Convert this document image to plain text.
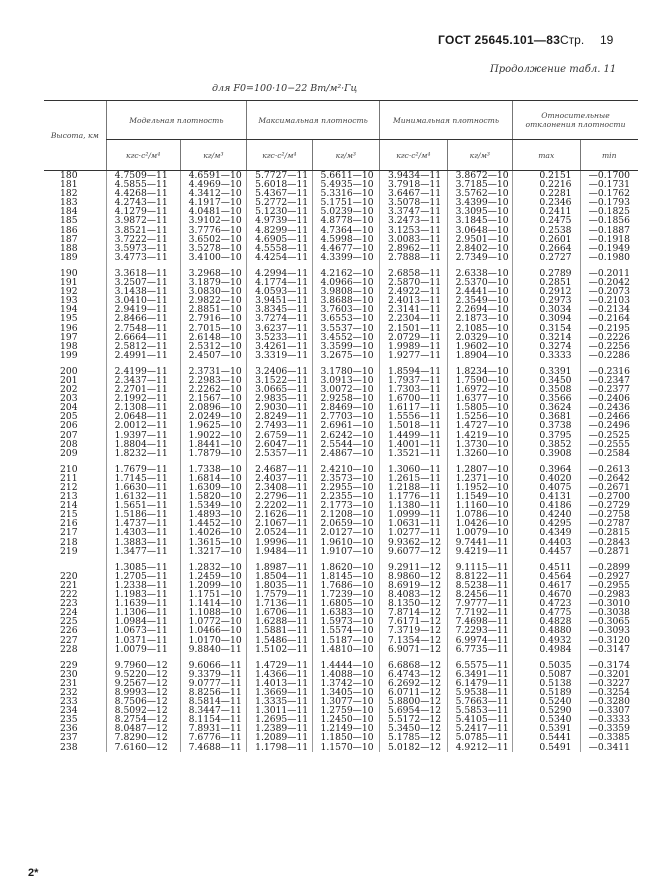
ГОСТ 25645.101—83 Стр. 19
Продолжение табл. 11
для F0=100·10−22 Вт/м²·Гц
Высота, км	Модельная плотность		Максимальная плотность		Минимальная плотность		Относительные отклонения плотности	
	кгс·с²/м⁴	кг/м³	кгс·с²/м⁴	кг/м³	кгс·с²/м⁴	кг/м³	max	min
180	4.7509—11	4.6591—10	5.7727—11	5.6611—10	3.9434—11	3.8672—10	0.2151	—0.1700
181	4.5855—11	4.4969—10	5.6018—11	5.4935—10	3.7918—11	3.7185—10	0.2216	—0.1731
182	4.4268—11	4.3412—10	5.4367—11	5.3316—10	3.6467—11	3.5762—10	0.2281	—0.1762
183	4.2743—11	4.1917—10	5.2772—11	5.1751—10	3.5078—11	3.4399—10	0.2346	—0.1793
184	4.1279—11	4.0481—10	5.1230—11	5.0239—10	3.3747—11	3.3095—10	0.2411	—0.1825
185	3.9872—11	3.9102—10	4.9739—11	4.8778—10	3.2473—11	3.1845—10	0.2475	—0.1856
186	3.8521—11	3.7776—10	4.8299—11	4.7364—10	3.1253—11	3.0648—10	0.2538	—0.1887
187	3.7222—11	3.6502—10	4.6905—11	4.5998—10	3.0083—11	2.9501—10	0.2601	—0.1918
188	3.5973—11	3.5278—10	4.5558—11	4.4677—10	2.8962—11	2.8402—10	0.2664	—0.1949
189	3.4773—11	3.4100—10	4.4254—11	4.3399—10	2.7888—11	2.7349—10	0.2727	—0.1980

190	3.3618—11	3.2968—10	4.2994—11	4.2162—10	2.6858—11	2.6338—10	0.2789	—0.2011
191	3.2507—11	3.1879—10	4.1774—11	4.0966—10	2.5870—11	2.5370—10	0.2851	—0.2042
192	3.1438—11	3.0830—10	4.0593—11	3.9808—10	2.4922—11	2.4441—10	0.2912	—0.2073
193	3.0410—11	2.9822—10	3.9451—11	3.8688—10	2.4013—11	2.3549—10	0.2973	—0.2103
194	2.9419—11	2.8851—10	3.8345—11	3.7603—10	2.3141—11	2.2694—10	0.3034	—0.2134
195	2.8466—11	2.7916—10	3.7274—11	3.6553—10	2.2304—11	2.1873—10	0.3094	—0.2164
196	2.7548—11	2.7015—10	3.6237—11	3.5537—10	2.1501—11	2.1085—10	0.3154	—0.2195
197	2.6664—11	2.6148—10	3.5233—11	3.4552—10	2.0729—11	2.0329—10	0.3214	—0.2226
198	2.5812—11	2.5312—10	3.4261—11	3.3599—10	1.9989—11	1.9602—10	0.3274	—0.2256
199	2.4991—11	2.4507—10	3.3319—11	3.2675—10	1.9277—11	1.8904—10	0.3333	—0.2286

200	2.4199—11	2.3731—10	3.2406—11	3.1780—10	1.8594—11	1.8234—10	0.3391	—0.2316
201	2.3437—11	2.2983—10	3.1522—11	3.0913—10	1.7937—11	1.7590—10	0.3450	—0.2347
202	2.2701—11	2.2262—10	3.0665—11	3.0072—10	1.7303—11	1.6972—10	0.3508	—0.2377
203	2.1992—11	2.1567—10	2.9835—11	2.9258—10	1.6700—11	1.6377—10	0.3566	—0.2406
204	2.1308—11	2.0896—10	2.9030—11	2.8469—10	1.6117—11	1.5805—10	0.3624	—0.2436
205	2.0648—11	2.0249—10	2.8249—11	2.7703—10	1.5556—11	1.5256—10	0.3681	—0.2466
206	2.0012—11	1.9625—10	2.7493—11	2.6961—10	1.5018—11	1.4727—10	0.3738	—0.2496
207	1.9397—11	1.9022—10	2.6759—11	2.6242—10	1.4499—11	1.4219—10	0.3795	—0.2525
208	1.8804—11	1.8441—10	2.6047—11	2.5544—10	1.4001—11	1.3730—10	0.3852	—0.2555
209	1.8232—11	1.7879—10	2.5357—11	2.4867—10	1.3521—11	1.3260—10	0.3908	—0.2584

210	1.7679—11	1.7338—10	2.4687—11	2.4210—10	1.3060—11	1.2807—10	0.3964	—0.2613
211	1.7145—11	1.6814—10	2.4037—11	2.3573—10	1.2615—11	1.2371—10	0.4020	—0.2642
212	1.6630—11	1.6309—10	2.3408—11	2.2955—10	1.2188—11	1.1952—10	0.4075	—0.2671
213	1.6132—11	1.5820—10	2.2796—11	2.2355—10	1.1776—11	1.1549—10	0.4131	—0.2700
214	1.5651—11	1.5349—10	2.2202—11	2.1773—10	1.1380—11	1.1160—10	0.4186	—0.2729
215	1.5186—11	1.4893—10	2.1626—11	2.1208—10	1.0999—11	1.0786—10	0.4240	—0.2758
216	1.4737—11	1.4452—10	2.1067—11	2.0659—10	1.0631—11	1.0426—10	0.4295	—0.2787
217	1.4303—11	1.4026—10	2.0524—11	2.0127—10	1.0277—11	1.0079—10	0.4349	—0.2815
218	1.3883—11	1.3615—10	1.9996—11	1.9610—10	9.9362—12	9.7441—11	0.4403	—0.2843
219	1.3477—11	1.3217—10	1.9484—11	1.9107—10	9.6077—12	9.4219—11	0.4457	—0.2871

	1.3085—11	1.2832—10	1.8987—11	1.8620—10	9.2911—12	9.1115—11	0.4511	—0.2899
220	1.2705—11	1.2459—10	1.8504—11	1.8145—10	8.9860—12	8.8122—11	0.4564	—0.2927
221	1.2338—11	1.2099—10	1.8035—11	1.7686—10	8.6919—12	8.5238—11	0.4617	—0.2955
222	1.1983—11	1.1751—10	1.7579—11	1.7239—10	8.4083—12	8.2456—11	0.4670	—0.2983
223	1.1639—11	1.1414—10	1.7136—11	1.6805—10	8.1350—12	7.9777—11	0.4723	—0.3010
224	1.1306—11	1.1088—10	1.6706—11	1.6383—10	7.8714—12	7.7192—11	0.4775	—0.3038
225	1.0984—11	1.0772—10	1.6288—11	1.5973—10	7.6171—12	7.4698—11	0.4828	—0.3065
226	1.0673—11	1.0466—10	1.5881—11	1.5574—10	7.3719—12	7.2293—11	0.4880	—0.3093
227	1.0371—11	1.0170—10	1.5486—11	1.5187—10	7.1354—12	6.9974—11	0.4932	—0.3120
228	1.0079—11	9.8840—11	1.5102—11	1.4810—10	6.9071—12	6.7735—11	0.4984	—0.3147

229	9.7960—12	9.6066—11	1.4729—11	1.4444—10	6.6868—12	6.5575—11	0.5035	—0.3174
230	9.5220—12	9.3379—11	1.4366—11	1.4088—10	6.4743—12	6.3491—11	0.5087	—0.3201
231	9.2567—12	9.0777—11	1.4013—11	1.3742—10	6.2692—12	6.1479—11	0.5138	—0.3227
232	8.9993—12	8.8256—11	1.3669—11	1.3405—10	6.0711—12	5.9538—11	0.5189	—0.3254
233	8.7506—12	8.5814—11	1.3335—11	1.3077—10	5.8800—12	5.7663—11	0.5240	—0.3280
234	8.5092—12	8.3447—11	1.3011—11	1.2759—10	5.6954—12	5.5853—11	0.5290	—0.3307
235	8.2754—12	8.1154—11	1.2695—11	1.2450—10	5.5172—12	5.4105—11	0.5340	—0.3333
236	8.0487—12	7.8931—11	1.2389—11	1.2149—10	5.3450—12	5.2417—11	0.5391	—0.3359
237	7.8290—12	7.6776—11	1.2089—11	1.1850—10	5.1785—12	5.0785—11	0.5441	—0.3385
238	7.6160—12	7.4688—11	1.1798—11	1.1570—10	5.0182—12	4.9212—11	0.5491	—0.3411
2*
